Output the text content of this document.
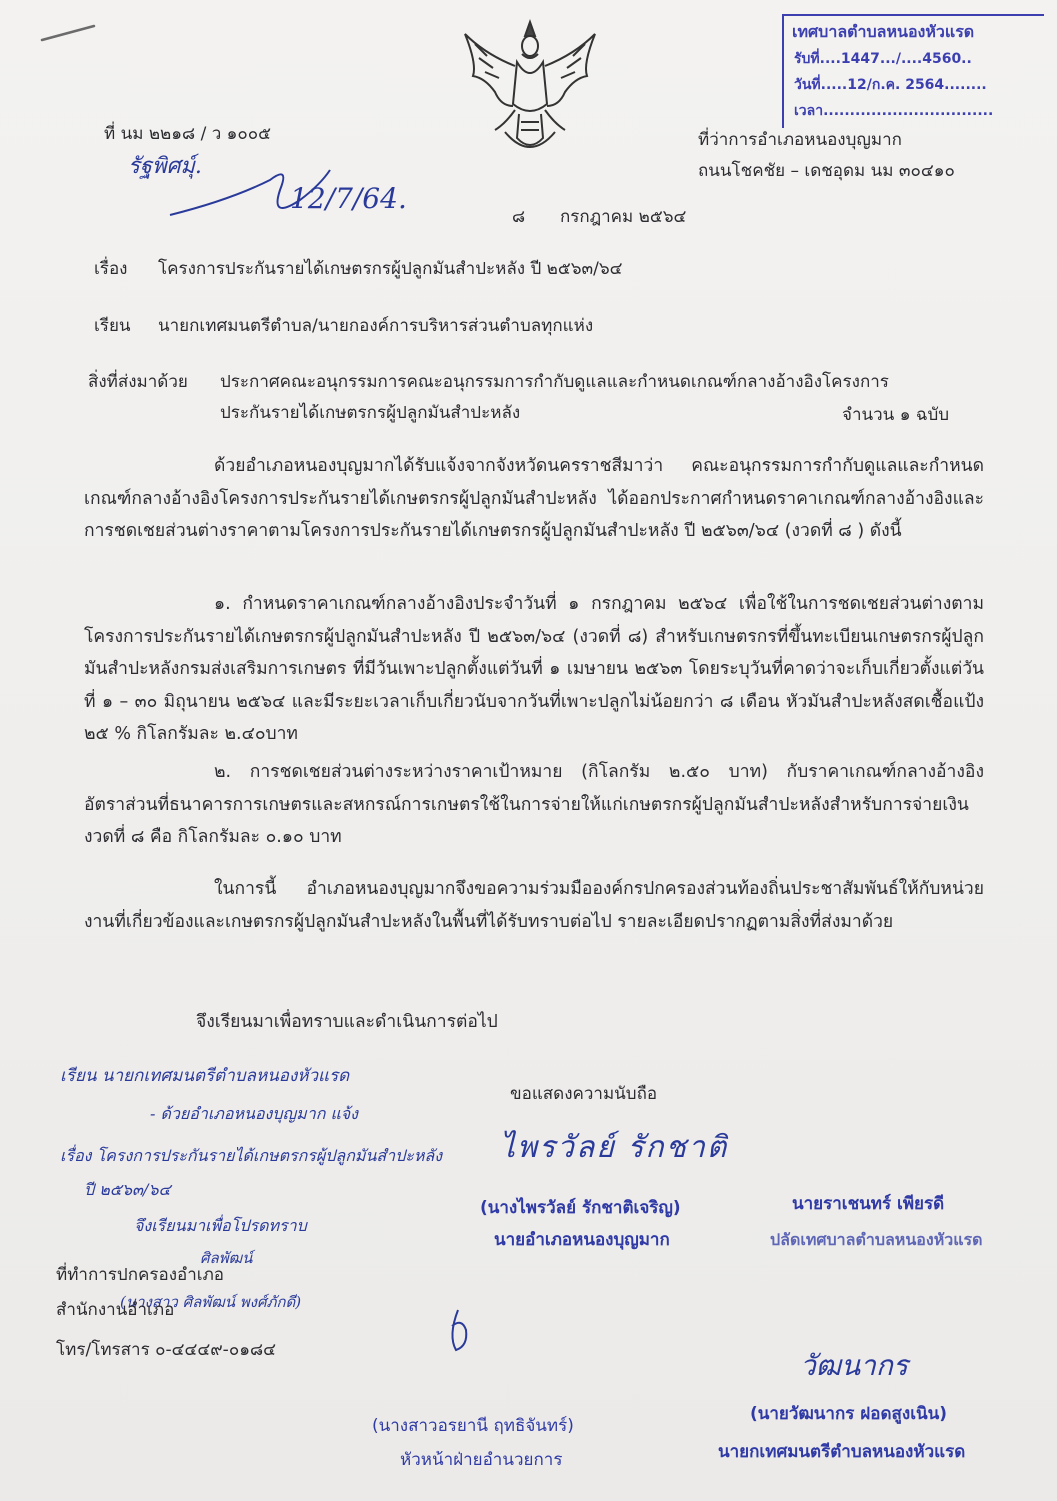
เทศบาลตำบลหนองหัวแรด
รับที่....1447.../....4560..
วันที่.....12/ก.ค. 2564........
เวลา................................
ที่ นม ๒๒๑๘ / ว ๑๐๐๕
รัฐพิศมุ์.
12/7/64.
ที่ว่าการอำเภอหนองบุญมาก
ถนนโชคชัย – เดชอุดม นม ๓๐๔๑๐
๘ กรกฎาคม ๒๕๖๔
เรื่อง โครงการประกันรายได้เกษตรกรผู้ปลูกมันสำปะหลัง ปี ๒๕๖๓/๖๔
เรียน นายกเทศมนตรีตำบล/นายกองค์การบริหารส่วนตำบลทุกแห่ง
สิ่งที่ส่งมาด้วย ประกาศคณะอนุกรรมการคณะอนุกรรมการกำกับดูแลและกำหนดเกณฑ์กลางอ้างอิงโครงการ
ประกันรายได้เกษตรกรผู้ปลูกมันสำปะหลัง	จำนวน ๑ ฉบับ
ด้วยอำเภอหนองบุญมากได้รับแจ้งจากจังหวัดนครราชสีมาว่า คณะอนุกรรมการกำกับดูแลและกำหนดเกณฑ์กลางอ้างอิงโครงการประกันรายได้เกษตรกรผู้ปลูกมันสำปะหลัง ได้ออกประกาศกำหนดราคาเกณฑ์กลางอ้างอิงและการชดเชยส่วนต่างราคาตามโครงการประกันรายได้เกษตรกรผู้ปลูกมันสำปะหลัง ปี ๒๕๖๓/๖๔ (งวดที่ ๘ ) ดังนี้
๑. กำหนดราคาเกณฑ์กลางอ้างอิงประจำวันที่ ๑ กรกฎาคม ๒๕๖๔ เพื่อใช้ในการชดเชยส่วนต่างตามโครงการประกันรายได้เกษตรกรผู้ปลูกมันสำปะหลัง ปี ๒๕๖๓/๖๔ (งวดที่ ๘) สำหรับเกษตรกรที่ขึ้นทะเบียนเกษตรกรผู้ปลูกมันสำปะหลังกรมส่งเสริมการเกษตร ที่มีวันเพาะปลูกตั้งแต่วันที่ ๑ เมษายน ๒๕๖๓ โดยระบุวันที่คาดว่าจะเก็บเกี่ยวตั้งแต่วันที่ ๑ – ๓๐ มิถุนายน ๒๕๖๔ และมีระยะเวลาเก็บเกี่ยวนับจากวันที่เพาะปลูกไม่น้อยกว่า ๘ เดือน หัวมันสำปะหลังสดเชื้อแป้ง ๒๕ % กิโลกรัมละ ๒.๔๐บาท
๒. การชดเชยส่วนต่างระหว่างราคาเป้าหมาย (กิโลกรัม ๒.๕๐ บาท) กับราคาเกณฑ์กลางอ้างอิงอัตราส่วนที่ธนาคารการเกษตรและสหกรณ์การเกษตรใช้ในการจ่ายให้แก่เกษตรกรผู้ปลูกมันสำปะหลังสำหรับการจ่ายเงินงวดที่ ๘ คือ กิโลกรัมละ ๐.๑๐ บาท
ในการนี้ อำเภอหนองบุญมากจึงขอความร่วมมือองค์กรปกครองส่วนท้องถิ่นประชาสัมพันธ์ให้กับหน่วยงานที่เกี่ยวข้องและเกษตรกรผู้ปลูกมันสำปะหลังในพื้นที่ได้รับทราบต่อไป รายละเอียดปรากฏตามสิ่งที่ส่งมาด้วย
จึงเรียนมาเพื่อทราบและดำเนินการต่อไป
เรียน นายกเทศมนตรีตำบลหนองหัวแรด
- ด้วยอำเภอหนองบุญมาก แจ้ง
เรื่อง โครงการประกันรายได้เกษตรกรผู้ปลูกมันสำปะหลัง
ปี ๒๕๖๓/๖๔
จึงเรียนมาเพื่อโปรดทราบ
ศิลพัฒน์
(นางสาว ศิลพัฒน์ พงศ์ภักดี)
ที่ทำการปกครองอำเภอ
สำนักงานอำเภอ
โทร/โทรสาร ๐-๔๔๔๙-๐๑๘๔
ขอแสดงความนับถือ
ไพรวัลย์ รักชาติ
(นางไพรวัลย์ รักชาติเจริญ)
นายอำเภอหนองบุญมาก
นายราเชนทร์ เพียรดี
ปลัดเทศบาลตำบลหนองหัวแรด
(นางสาวอรยานี ฤทธิจันทร์)
หัวหน้าฝ่ายอำนวยการ
วัฒนากร
(นายวัฒนากร ฝอดสูงเนิน)
นายกเทศมนตรีตำบลหนองหัวแรด
